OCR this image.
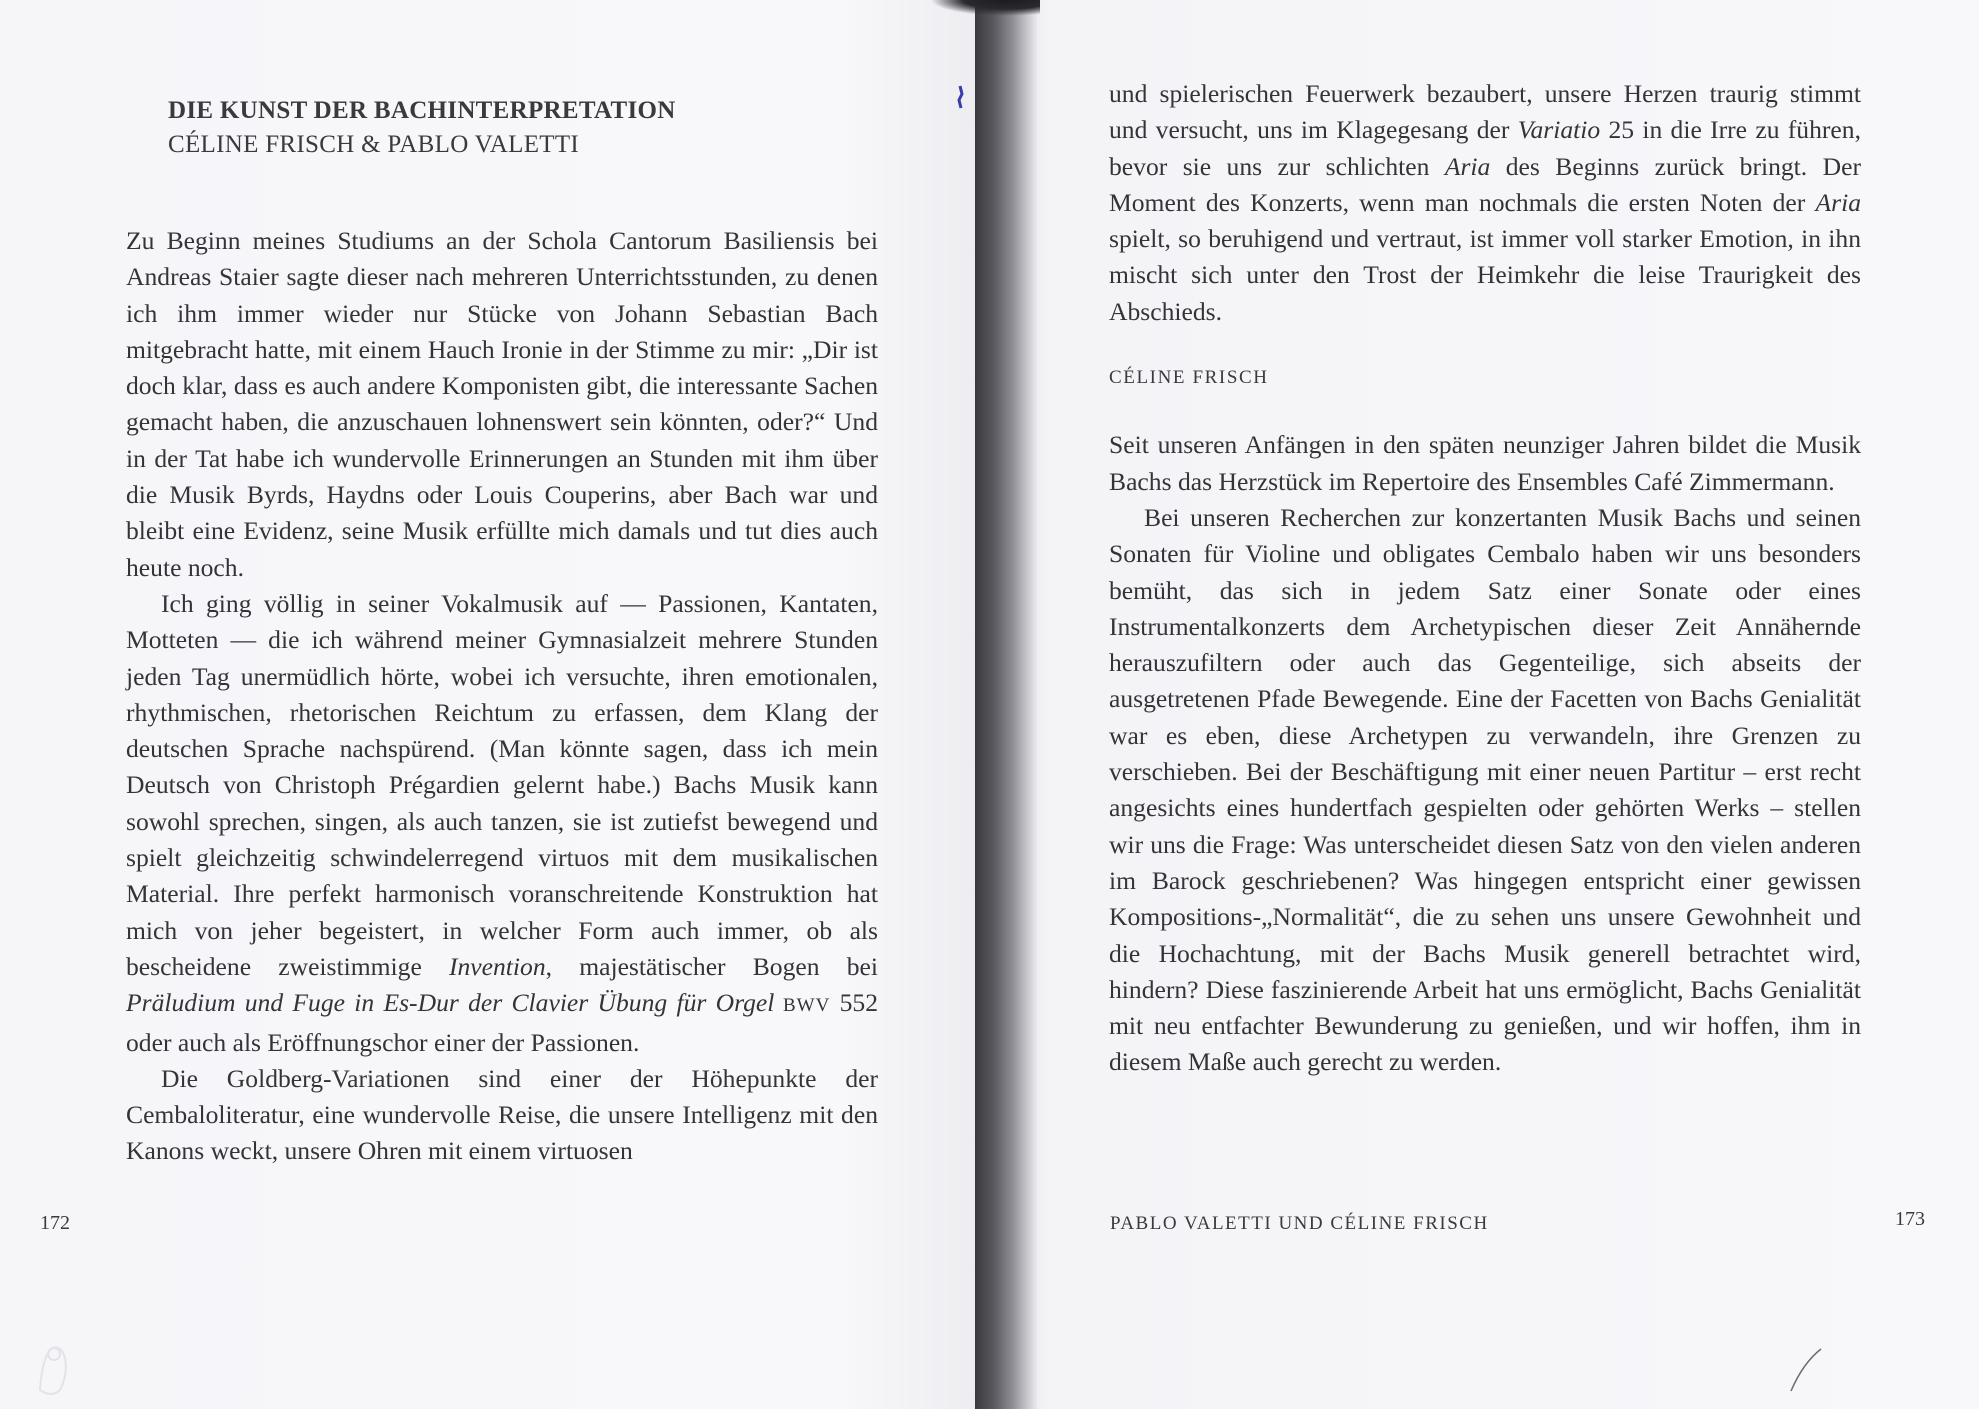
DIE KUNST DER BACHINTERPRETATION
CÉLINE FRISCH & PABLO VALETTI

Zu Beginn meines Studiums an der Schola Cantorum Basiliensis bei Andreas Staier sagte dieser nach mehreren Unterrichtsstunden, zu denen ich ihm immer wieder nur Stücke von Johann Sebastian Bach mitgebracht hatte, mit einem Hauch Ironie in der Stimme zu mir: „Dir ist doch klar, dass es auch andere Komponisten gibt, die interessante Sachen gemacht haben, die anzuschauen lohnenswert sein könnten, oder?“ Und in der Tat habe ich wundervolle Erinnerungen an Stunden mit ihm über die Musik Byrds, Haydns oder Louis Couperins, aber Bach war und bleibt eine Evidenz, seine Musik erfüllte mich damals und tut dies auch heute noch.

Ich ging völlig in seiner Vokalmusik auf — Passionen, Kantaten, Motteten — die ich während meiner Gymnasialzeit mehrere Stunden jeden Tag unermüdlich hörte, wobei ich versuchte, ihren emotionalen, rhythmischen, rhetorischen Reichtum zu erfassen, dem Klang der deutschen Sprache nachspürend. (Man könnte sagen, dass ich mein Deutsch von Christoph Prégardien gelernt habe.) Bachs Musik kann sowohl sprechen, singen, als auch tanzen, sie ist zutiefst bewegend und spielt gleichzeitig schwindelerregend virtuos mit dem musikalischen Material. Ihre perfekt harmonisch voranschreitende Konstruktion hat mich von jeher begeistert, in welcher Form auch immer, ob als bescheidene zweistimmige Invention, majestätischer Bogen bei Präludium und Fuge in Es-Dur der Clavier Übung für Orgel BWV 552 oder auch als Eröffnungschor einer der Passionen.

Die Goldberg-Variationen sind einer der Höhepunkte der Cembaloliteratur, eine wundervolle Reise, die unsere Intelligenz mit den Kanons weckt, unsere Ohren mit einem virtuosen

172

und spielerischen Feuerwerk bezaubert, unsere Herzen traurig stimmt und versucht, uns im Klagegesang der Variatio 25 in die Irre zu führen, bevor sie uns zur schlichten Aria des Beginns zurück bringt. Der Moment des Konzerts, wenn man nochmals die ersten Noten der Aria spielt, so beruhigend und vertraut, ist immer voll starker Emotion, in ihn mischt sich unter den Trost der Heimkehr die leise Traurigkeit des Abschieds.

CÉLINE FRISCH

Seit unseren Anfängen in den späten neunziger Jahren bildet die Musik Bachs das Herzstück im Repertoire des Ensembles Café Zimmermann.

Bei unseren Recherchen zur konzertanten Musik Bachs und seinen Sonaten für Violine und obligates Cembalo haben wir uns besonders bemüht, das sich in jedem Satz einer Sonate oder eines Instrumentalkonzerts dem Archetypischen dieser Zeit Annähernde herauszufiltern oder auch das Gegenteilige, sich abseits der ausgetretenen Pfade Bewegende. Eine der Facetten von Bachs Genialität war es eben, diese Archetypen zu verwandeln, ihre Grenzen zu verschieben. Bei der Beschäftigung mit einer neuen Partitur – erst recht angesichts eines hundertfach gespielten oder gehörten Werks – stellen wir uns die Frage: Was unterscheidet diesen Satz von den vielen anderen im Barock geschriebenen? Was hingegen entspricht einer gewissen Kompositions-„Normalität“, die zu sehen uns unsere Gewohnheit und die Hochachtung, mit der Bachs Musik generell betrachtet wird, hindern? Diese faszinierende Arbeit hat uns ermöglicht, Bachs Genialität mit neu entfachter Bewunderung zu genießen, und wir hoffen, ihm in diesem Maße auch gerecht zu werden.

PABLO VALETTI UND CÉLINE FRISCH	173
